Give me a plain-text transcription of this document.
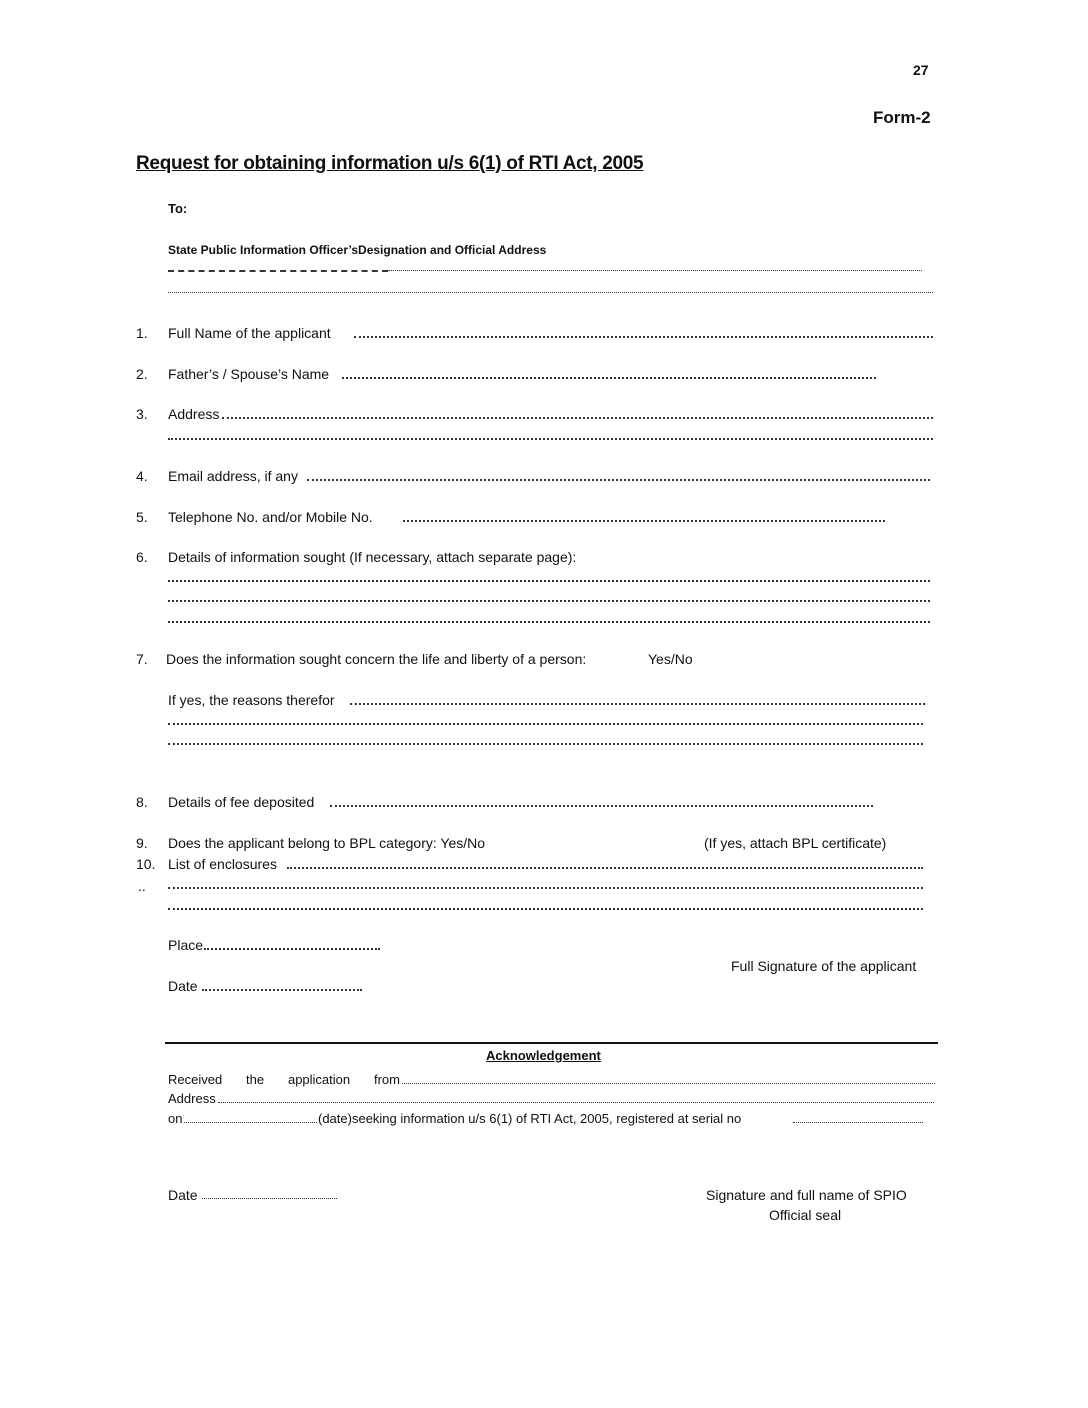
27
Form-2
Request for obtaining information u/s 6(1) of RTI Act, 2005
To:
State Public Information Officer’sDesignation and Official Address
1. Full Name of the applicant
2. Father’s / Spouse’s Name
3. Address
4. Email address, if any
5. Telephone No. and/or Mobile No.
6. Details of information sought (If necessary, attach separate page):
7. Does the information sought concern the life and liberty of a person:	Yes/No
If yes, the reasons therefor
8. Details of fee deposited
9. Does the applicant belong to BPL category: Yes/No	(If yes, attach BPL certificate)
10. List of enclosures
..
Place
Full Signature of the applicant
Date
Acknowledgement
Received the application from
Address
on	(date)seeking information u/s 6(1) of RTI Act, 2005, registered at serial no
Date	Signature and full name of SPIO
Official seal
